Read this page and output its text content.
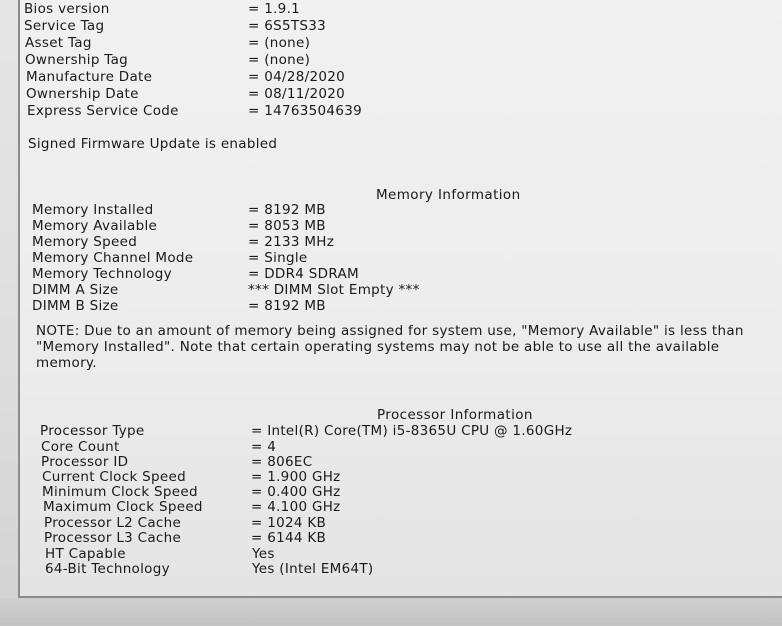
Bios version	= 1.9.1
Service Tag	= 6S5TS33
Asset Tag	= (none)
Ownership Tag	= (none)
Manufacture Date	= 04/28/2020
Ownership Date	= 08/11/2020
Express Service Code	= 14763504639
Signed Firmware Update is enabled
Memory Information
Memory Installed	= 8192 MB
Memory Available	= 8053 MB
Memory Speed	= 2133 MHz
Memory Channel Mode	= Single
Memory Technology	= DDR4 SDRAM
DIMM A Size	*** DIMM Slot Empty ***
DIMM B Size	= 8192 MB

NOTE: Due to an amount of memory being assigned for system use, "Memory Available" is less than "Memory Installed". Note that certain operating systems may not be able to use all the available memory.

Processor Information
Processor Type	= Intel(R) Core(TM) i5-8365U CPU @ 1.60GHz
Core Count	= 4
Processor ID	= 806EC
Current Clock Speed	= 1.900 GHz
Minimum Clock Speed	= 0.400 GHz
Maximum Clock Speed	= 4.100 GHz
Processor L2 Cache	= 1024 KB
Processor L3 Cache	= 6144 KB
HT Capable	Yes
64-Bit Technology	Yes (Intel EM64T)
